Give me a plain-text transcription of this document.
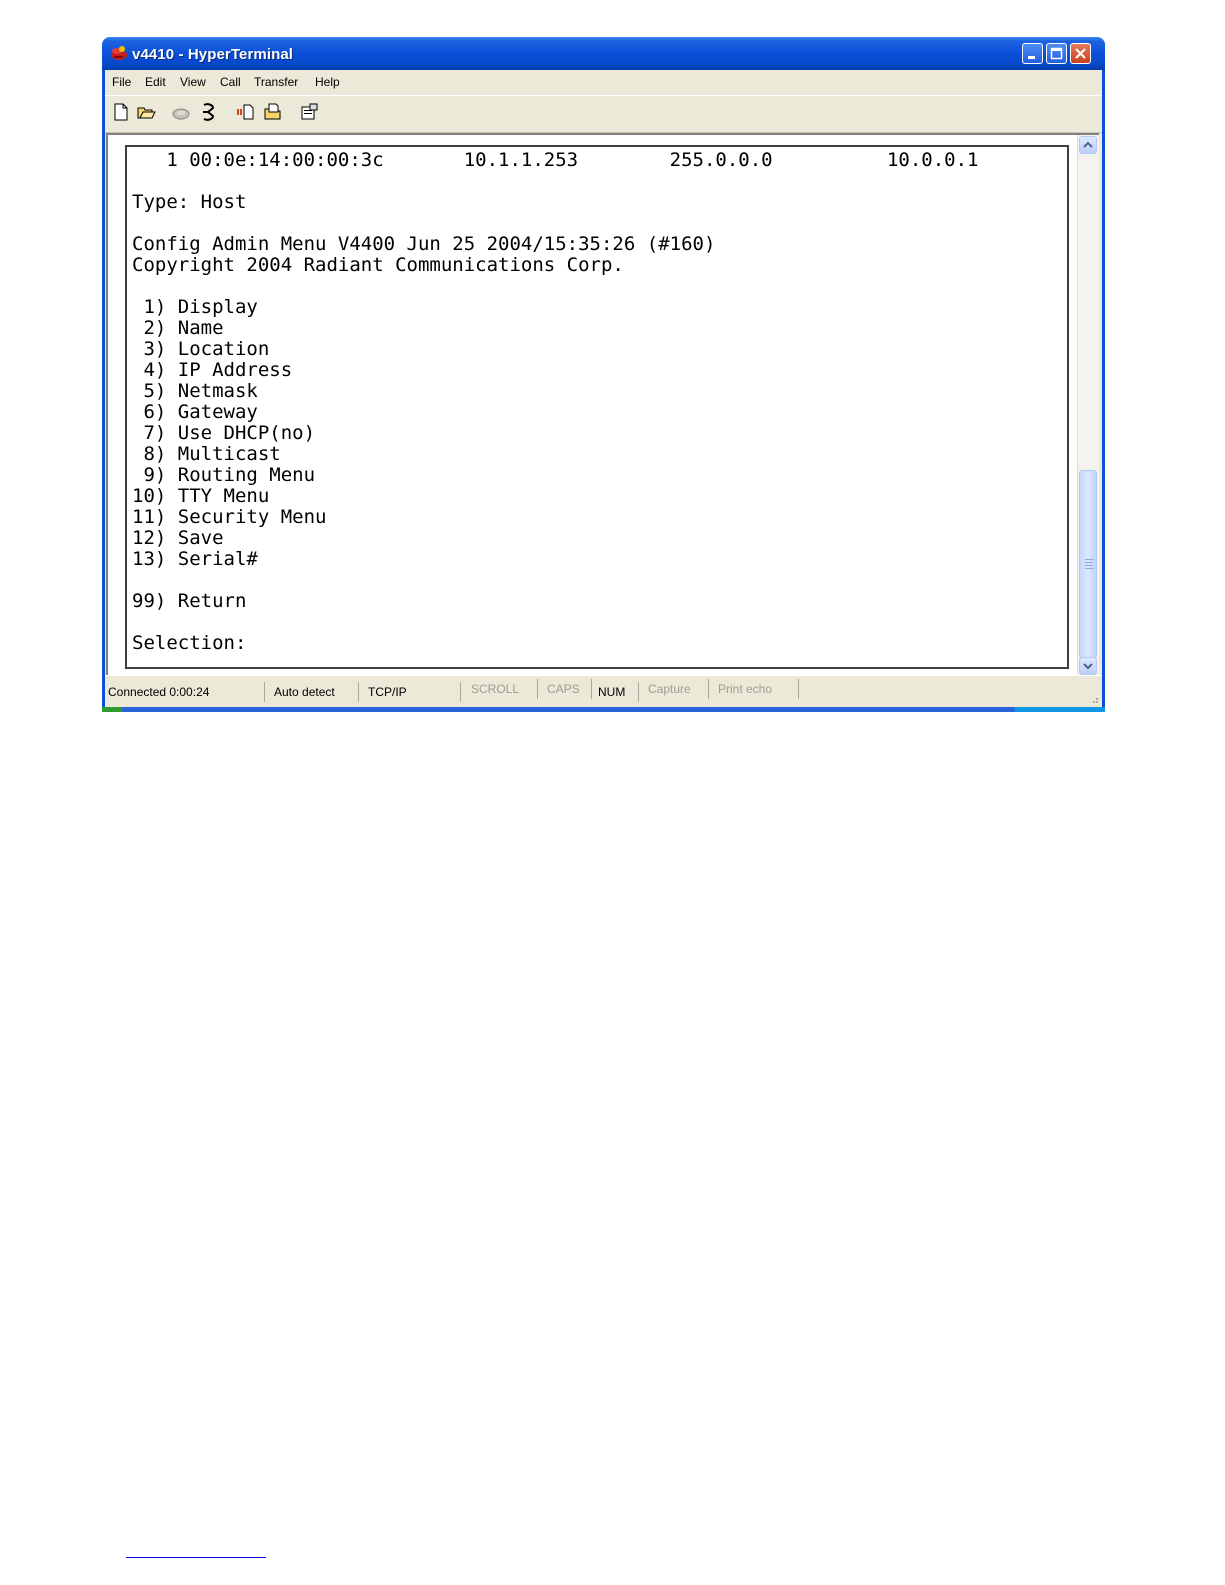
v4410 - HyperTerminal
File Edit View Call Transfer Help
1 00:0e:14:00:00:3c       10.1.1.253        255.0.0.0          10.0.0.1

Type: Host

Config Admin Menu V4400 Jun 25 2004/15:35:26 (#160)
Copyright 2004 Radiant Communications Corp.

1) Display
2) Name
3) Location
4) IP Address
5) Netmask
6) Gateway
7) Use DHCP(no)
8) Multicast
9) Routing Menu
10) TTY Menu
11) Security Menu
12) Save
13) Serial#

99) Return

Selection:
Connected 0:00:24	Auto detect	TCP/IP	SCROLL	CAPS	NUM	Capture	Print echo
